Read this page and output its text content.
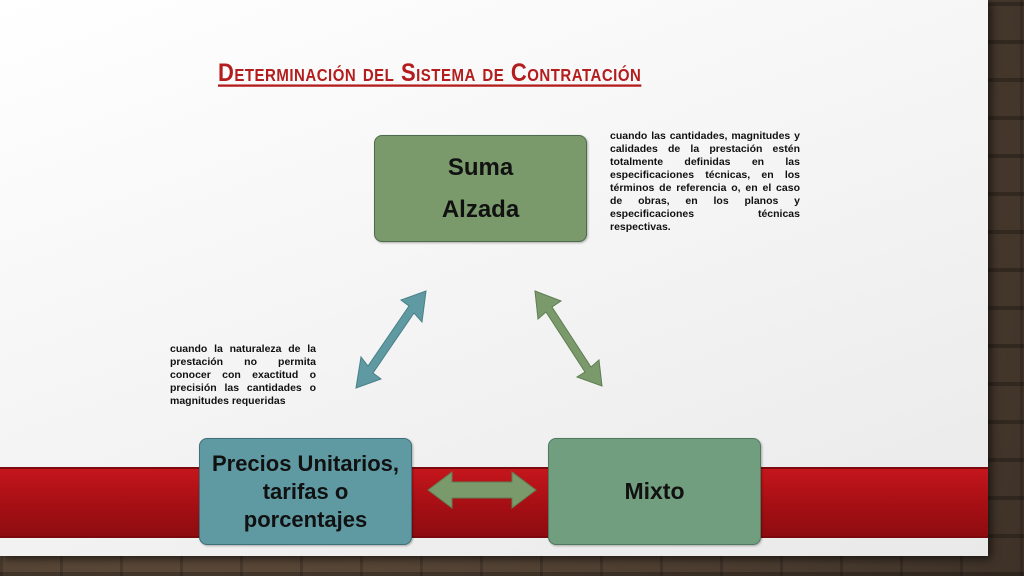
Determinación del Sistema de Contratación
Suma
Alzada
Precios Unitarios,
tarifas o
porcentajes
Mixto
cuando las cantidades, magnitudes y calidades de la prestación estén totalmente definidas en las especificaciones técnicas, en los términos de referencia o, en el caso de obras, en los planos y especificaciones técnicas respectivas.
cuando la naturaleza de la prestación no permita conocer con exactitud o precisión las cantidades o magnitudes requeridas
